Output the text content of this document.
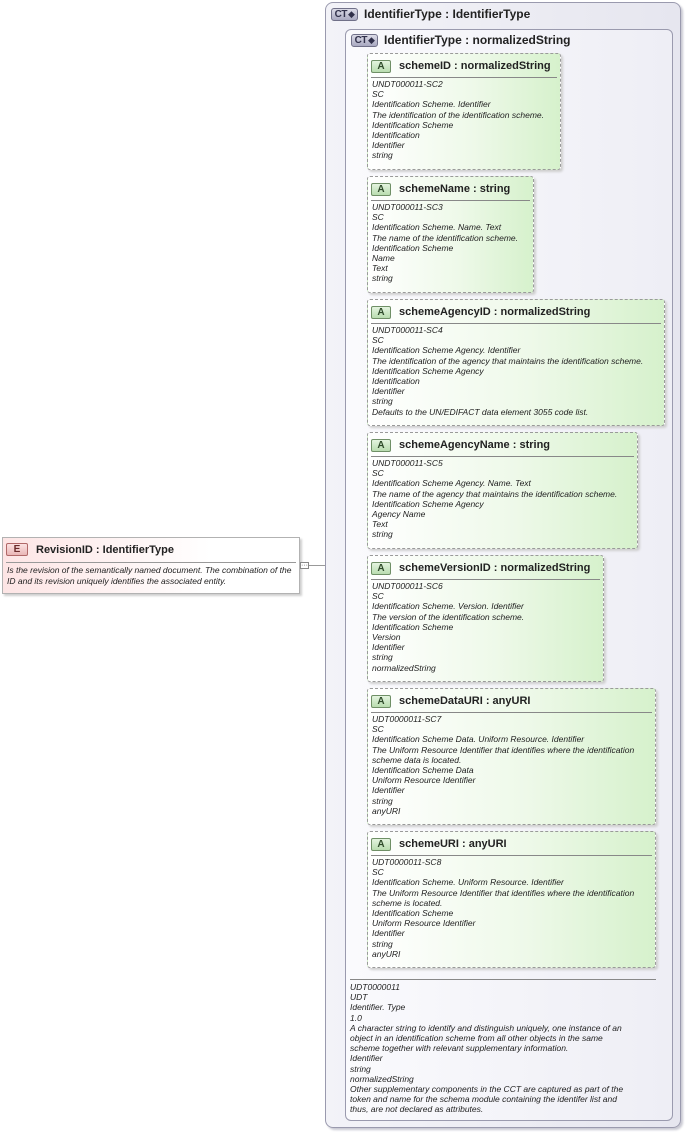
CT ◆ IdentifierType : IdentifierType
CT ◆ IdentifierType : normalizedString
A	schemeID : normalizedString
UNDT000011-SC2
SC
Identification Scheme. Identifier
The identification of the identification scheme.
Identification Scheme
Identification
Identifier
string
A	schemeName : string
UNDT000011-SC3
SC
Identification Scheme. Name. Text
The name of the identification scheme.
Identification Scheme
Name
Text
string
A	schemeAgencyID : normalizedString
UNDT000011-SC4
SC
Identification Scheme Agency. Identifier
The identification of the agency that maintains the identification scheme.
Identification Scheme Agency
Identification
Identifier
string
Defaults to the UN/EDIFACT data element 3055 code list.
A	schemeAgencyName : string
UNDT000011-SC5
SC
Identification Scheme Agency. Name. Text
The name of the agency that maintains the identification scheme.
Identification Scheme Agency
Agency Name
Text
string
A	schemeVersionID : normalizedString
UNDT000011-SC6
SC
Identification Scheme. Version. Identifier
The version of the identification scheme.
Identification Scheme
Version
Identifier
string
normalizedString
A	schemeDataURI : anyURI
UDT0000011-SC7
SC
Identification Scheme Data. Uniform Resource. Identifier
The Uniform Resource Identifier that identifies where the identification
scheme data is located.
Identification Scheme Data
Uniform Resource Identifier
Identifier
string
anyURI
A	schemeURI : anyURI
UDT0000011-SC8
SC
Identification Scheme. Uniform Resource. Identifier
The Uniform Resource Identifier that identifies where the identification
scheme is located.
Identification Scheme
Uniform Resource Identifier
Identifier
string
anyURI
UDT0000011
UDT
Identifier. Type
1.0
A character string to identify and distinguish uniquely, one instance of an
object in an identification scheme from all other objects in the same
scheme together with relevant supplementary information.
Identifier
string
normalizedString
Other supplementary components in the CCT are captured as part of the
token and name for the schema module containing the identifer list and
thus, are not declared as attributes.
E	RevisionID : IdentifierType
Is the revision of the semantically named document. The combination of the ID and its revision uniquely identifies the associated entity.
···
